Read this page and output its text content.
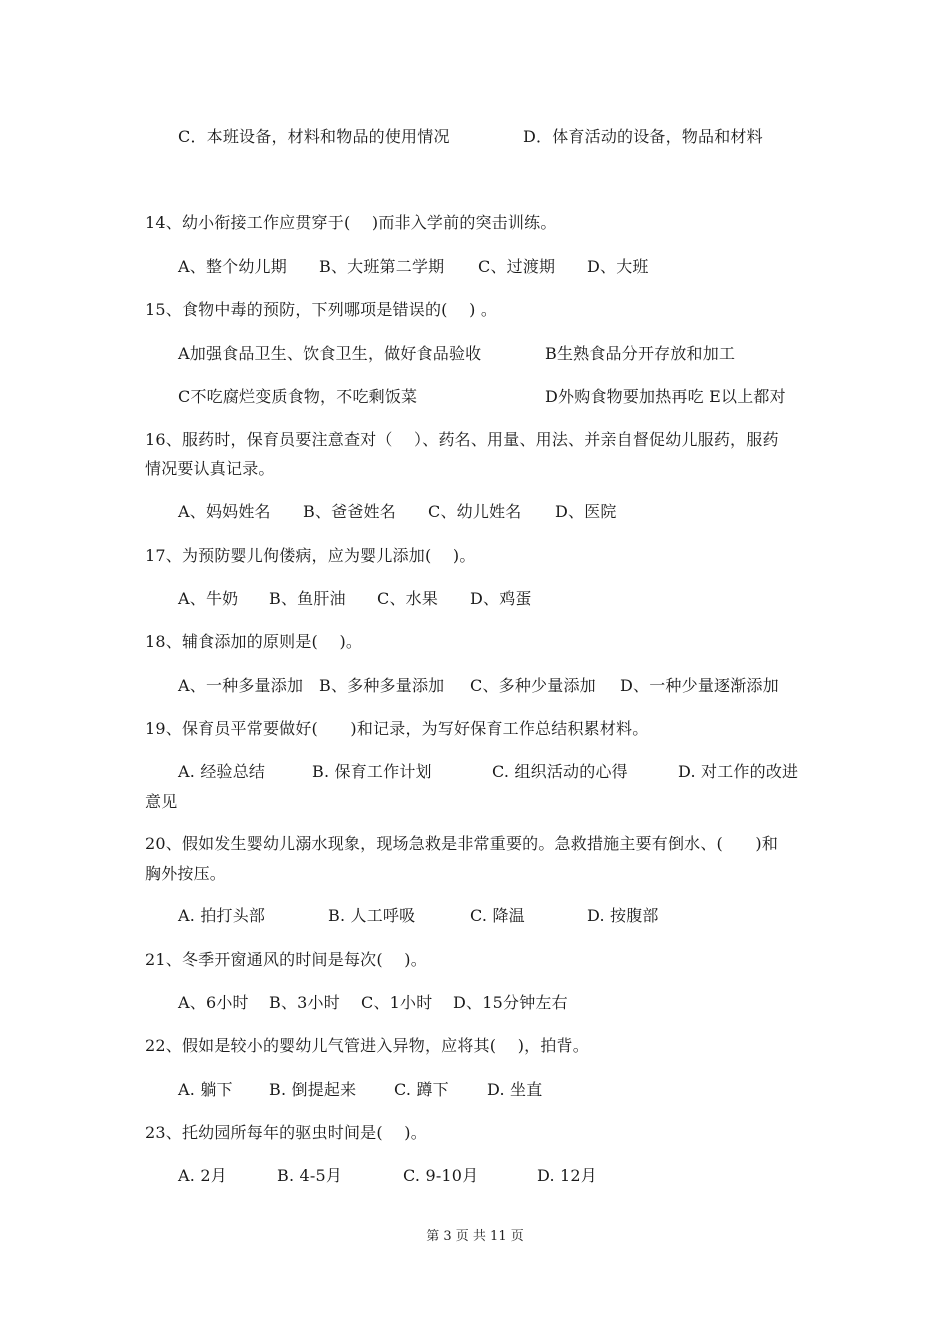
C．本班设备，材料和物品的使用情况	D．体育活动的设备，物品和材料
14、幼小衔接工作应贯穿于(　 )而非入学前的突击训练。
A、整个幼儿期 B、大班第二学期 C、过渡期 D、大班
15、食物中毒的预防，下列哪项是错误的(　 ) 。
A加强食品卫生、饮食卫生，做好食品验收	B生熟食品分开存放和加工
C不吃腐烂变质食物，不吃剩饭菜	D外购食物要加热再吃 E以上都对
16、服药时，保育员要注意查对（　 ）、药名、用量、用法、并亲自督促幼儿服药，服药
情况要认真记录。
A、妈妈姓名 B、爸爸姓名 C、幼儿姓名 D、医院
17、为预防婴儿佝偻病，应为婴儿添加(　 )。
A、牛奶 B、鱼肝油 C、水果 D、鸡蛋
18、辅食添加的原则是(　 )。
A、一种多量添加 B、多种多量添加 C、多种少量添加 D、一种少量逐渐添加
19、保育员平常要做好(　　)和记录，为写好保育工作总结积累材料。
A. 经验总结	B. 保育工作计划	C. 组织活动的心得	D. 对工作的改进
意见
20、假如发生婴幼儿溺水现象，现场急救是非常重要的。急救措施主要有倒水、(　　)和
胸外按压。
A. 拍打头部	B. 人工呼吸	C. 降温	D. 按腹部
21、冬季开窗通风的时间是每次(　 )。
A、6小时 B、3小时 C、1小时 D、15分钟左右
22、假如是较小的婴幼儿气管进入异物，应将其(　 )，拍背。
A. 躺下 B. 倒提起来 C. 蹲下 D. 坐直
23、托幼园所每年的驱虫时间是(　 )。
A. 2月	B. 4-5月	C. 9-10月	D. 12月
第 3 页 共 11 页
